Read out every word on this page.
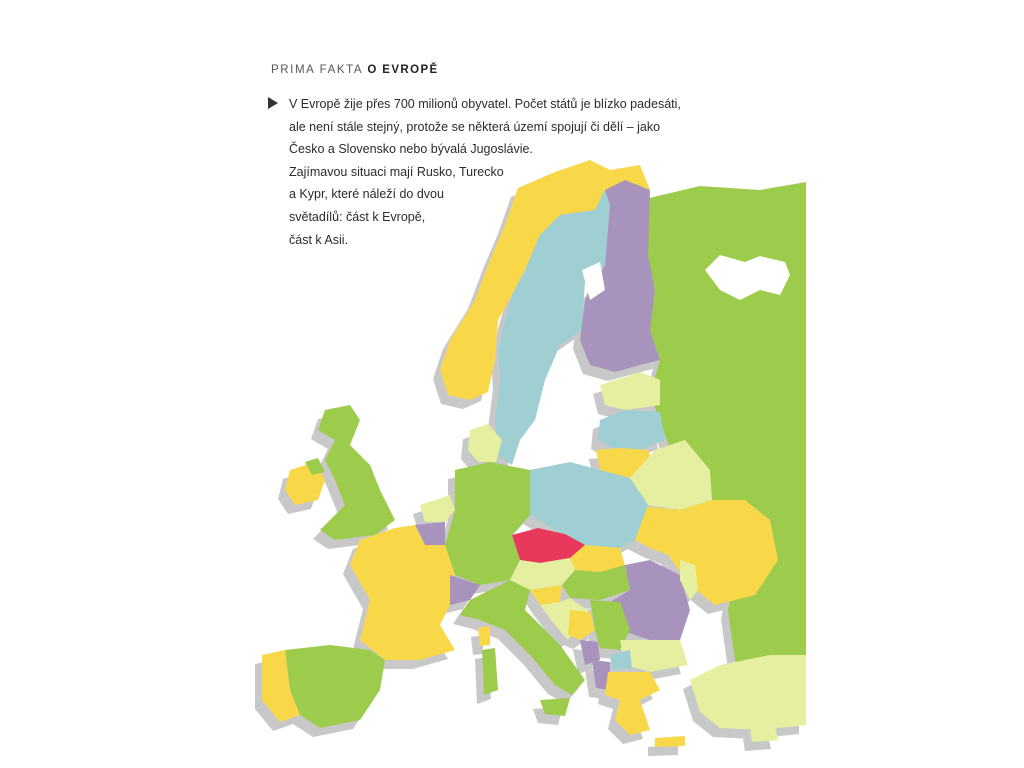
PRIMA FAKTA O EVROPĚ
V Evropě žije přes 700 milionů obyvatel. Počet států je blízko padesáti,
ale není stále stejný, protože se některá území spojují či dělí – jako
Česko a Slovensko nebo bývalá Jugoslávie.
Zajímavou situaci mají Rusko, Turecko
a Kypr, které náleží do dvou
světadílů: část k Evropě,
část k Asii.
